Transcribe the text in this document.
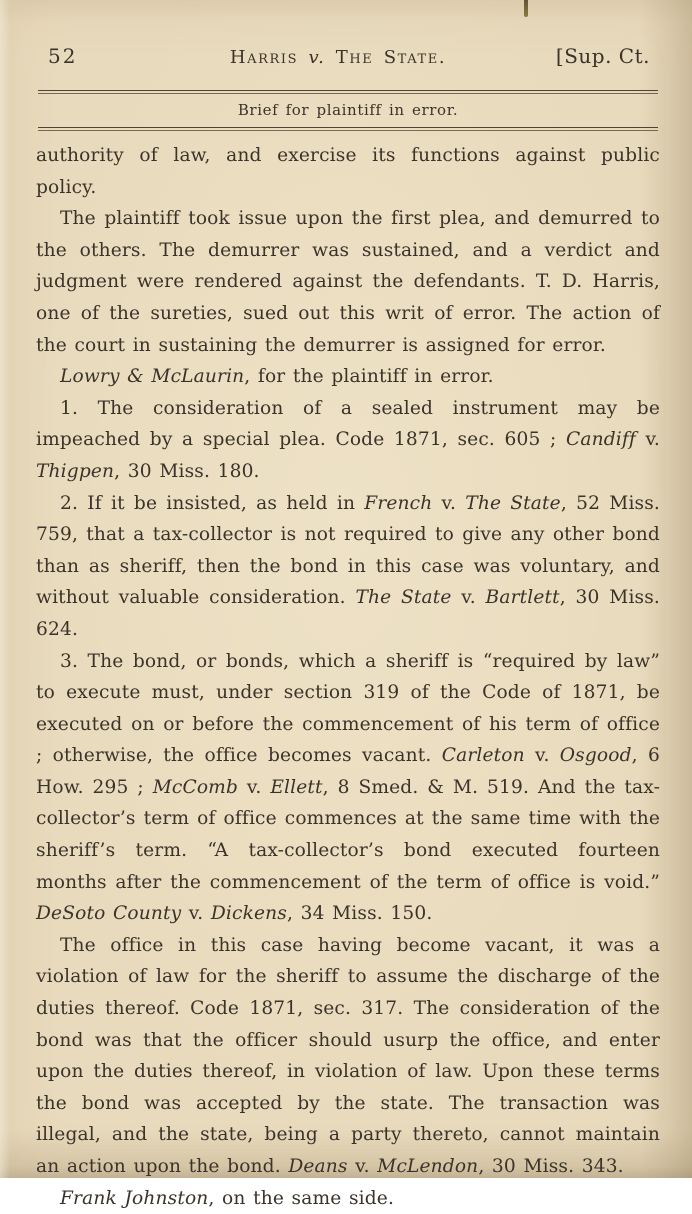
52	Harris v. The State.	[Sup. Ct.
Brief for plaintiff in error.

authority of law, and exercise its functions against public policy.

The plaintiff took issue upon the first plea, and demurred to the others. The demurrer was sustained, and a verdict and judgment were rendered against the defendants. T. D. Harris, one of the sureties, sued out this writ of error. The action of the court in sustaining the demurrer is assigned for error.

Lowry & McLaurin, for the plaintiff in error.

1. The consideration of a sealed instrument may be impeached by a special plea. Code 1871, sec. 605 ; Candiff v. Thigpen, 30 Miss. 180.

2. If it be insisted, as held in French v. The State, 52 Miss. 759, that a tax-collector is not required to give any other bond than as sheriff, then the bond in this case was voluntary, and without valuable consideration. The State v. Bartlett, 30 Miss. 624.

3. The bond, or bonds, which a sheriff is “required by law” to execute must, under section 319 of the Code of 1871, be executed on or before the commencement of his term of office ; otherwise, the office becomes vacant. Carleton v. Osgood, 6 How. 295 ; McComb v. Ellett, 8 Smed. & M. 519. And the tax-collector’s term of office commences at the same time with the sheriff’s term. “A tax-collector’s bond executed fourteen months after the commencement of the term of office is void.” DeSoto County v. Dickens, 34 Miss. 150.

The office in this case having become vacant, it was a violation of law for the sheriff to assume the discharge of the duties thereof. Code 1871, sec. 317. The consideration of the bond was that the officer should usurp the office, and enter upon the duties thereof, in violation of law. Upon these terms the bond was accepted by the state. The transaction was illegal, and the state, being a party thereto, cannot maintain an action upon the bond. Deans v. McLendon, 30 Miss. 343.

Frank Johnston, on the same side.
